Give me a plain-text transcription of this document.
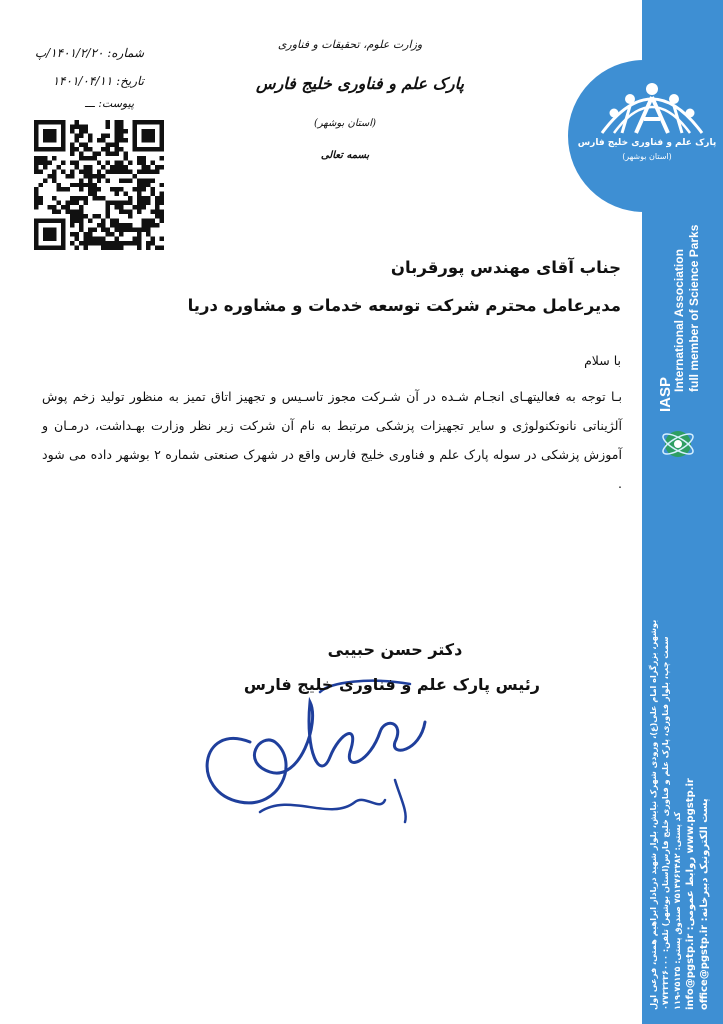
پارک علم و فناوری خلیج فارس
(استان بوشهر)
International Association full member of Science Parks
IASP
بوشهر، بزرگراه امام علی(ع)، ورودی شهرک نیایش، بلوار شهید دریادار ابراهیم همتی، فرعی اول سمت چپ، بلوار فناوری، پارک علم و فناوری خلیج فارس(استان بوشهر) تلفن: ۰۷۷۳۳۳۳۶۰۰۰
کد پستی: ۷۵۱۴۷۶۳۴۸۲ صندوق پستی: ۷۵۱۳۵-۱۱۹
www.pgstp.ir روابط عمومی: info@pgstp.ir
پست الکترونیک دبیرخانه: office@pgstp.ir
وزارت علوم، تحقیقات و فناوری
پارک علم و فناوری خلیج فارس
(استان بوشهر)
بسمه تعالی
شماره: ۱۴۰۱/۲/۲۰/پ
تاریخ: ۱۴۰۱/۰۴/۱۱
پیوست: ـــ
جناب آقای مهندس پورقربان
مدیرعامل محترم شرکت توسعه خدمات و مشاوره دریا
با سلام
بـا توجه به فعالیتهـای انجـام شـده در آن شـرکت مجوز تاسـیس و تجهیز اتاق تمیز به منظور تولید زخم پوش آلژیناتی نانوتکنولوژی و سایر تجهیزات پزشکی مرتبط به نام آن شرکت زیر نظر وزارت بهـداشت، درمـان و آموزش پزشکی در سوله پارک علم و فناوری خلیج فارس واقع در شهرک صنعتی شماره ۲ بوشهر داده می شود .
دکتر حسن حبیبی
رئیس پارک علم و فناوری خلیج فارس
